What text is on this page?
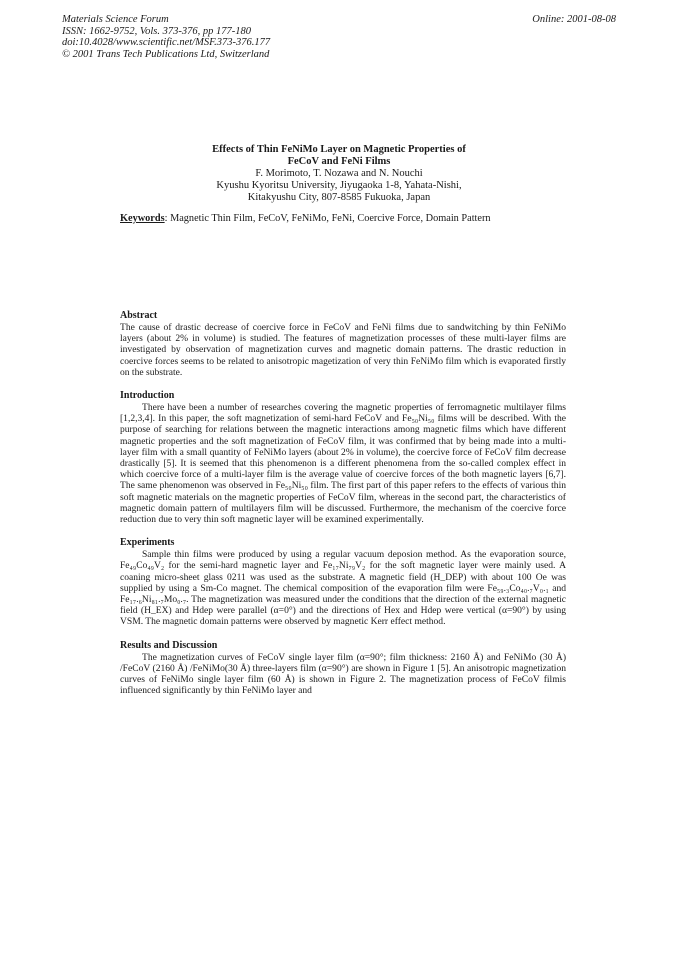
Materials Science Forum
ISSN: 1662-9752, Vols. 373-376, pp 177-180
doi:10.4028/www.scientific.net/MSF.373-376.177
© 2001 Trans Tech Publications Ltd, Switzerland
Online: 2001-08-08
Effects of Thin FeNiMo Layer on Magnetic Properties of
FeCoV and FeNi Films
F. Morimoto, T. Nozawa and N. Nouchi
Kyushu Kyoritsu University, Jiyugaoka 1-8, Yahata-Nishi,
Kitakyushu City, 807-8585 Fukuoka, Japan
Keywords: Magnetic Thin Film, FeCoV, FeNiMo, FeNi, Coercive Force, Domain Pattern
Abstract
The cause of drastic decrease of coercive force in FeCoV and FeNi films due to sandwitching by thin FeNiMo layers (about 2% in volume) is studied. The features of magnetization processes of these multi-layer films are investigated by observation of magnetization curves and magnetic domain patterns. The drastic reduction in coercive forces seems to be related to anisotropic magetization of very thin FeNiMo film which is evaporated firstly on the substrate.
Introduction
There have been a number of researches covering the magnetic properties of ferromagnetic multilayer films [1,2,3,4]. In this paper, the soft magnetization of semi-hard FeCoV and Fe₅₀Ni₅₀ films will be described. With the purpose of searching for relations between the magnetic interactions among magnetic films which have different magnetic properties and the soft magnetization of FeCoV film, it was confirmed that by being made into a multi-layer film with a small quantity of FeNiMo layers (about 2% in volume), the coercive force of FeCoV film decrease drastically [5]. It is seemed that this phenomenon is a different phenomena from the so-called complex effect in which coercive force of a multi-layer film is the average value of coercive forces of the both magnetic layers [6,7]. The same phenomenon was observed in Fe₅₀Ni₅₀ film. The first part of this paper refers to the effects of various thin soft magnetic materials on the magnetic properties of FeCoV film, whereas in the second part, the characteristics of magnetic domain pattern of multilayers film will be discussed. Furthermore, the mechanism of the coercive force reduction due to very thin soft magnetic layer will be examined experimentally.
Experiments
Sample thin films were produced by using a regular vacuum deposion method. As the evaporation source, Fe₄₉Co₄₉V₂ for the semi-hard magnetic layer and Fe₁₇Ni₇₉V₂ for the soft magnetic layer were mainly used. A coaning micro-sheet glass 0211 was used as the substrate. A magnetic field (H_DEP) with about 100 Oe was supplied by using a Sm-Co magnet. The chemical composition of the evaporation film were Fe₅₉.₃Co₄₀.₇V₀.₁ and Fe₁₇.₆Ni₈₁.₇Mo₀.₇. The magnetization was measured under the conditions that the direction of the external magnetic field (H_EX) and Hdep were parallel (α=0°) and the directions of Hex and Hdep were vertical (α=90°) by using VSM. The magnetic domain patterns were observed by magnetic Kerr effect method.
Results and Discussion
The magnetization curves of FeCoV single layer film (α=90°; film thickness: 2160 Å) and FeNiMo (30 Å) /FeCoV (2160 Å) /FeNiMo(30 Å) three-layers film (α=90°) are shown in Figure 1 [5]. An anisotropic magnetization curves of FeNiMo single layer film (60 Å) is shown in Figure 2. The magnetization process of FeCoV filmis influenced significantly by thin FeNiMo layer and
